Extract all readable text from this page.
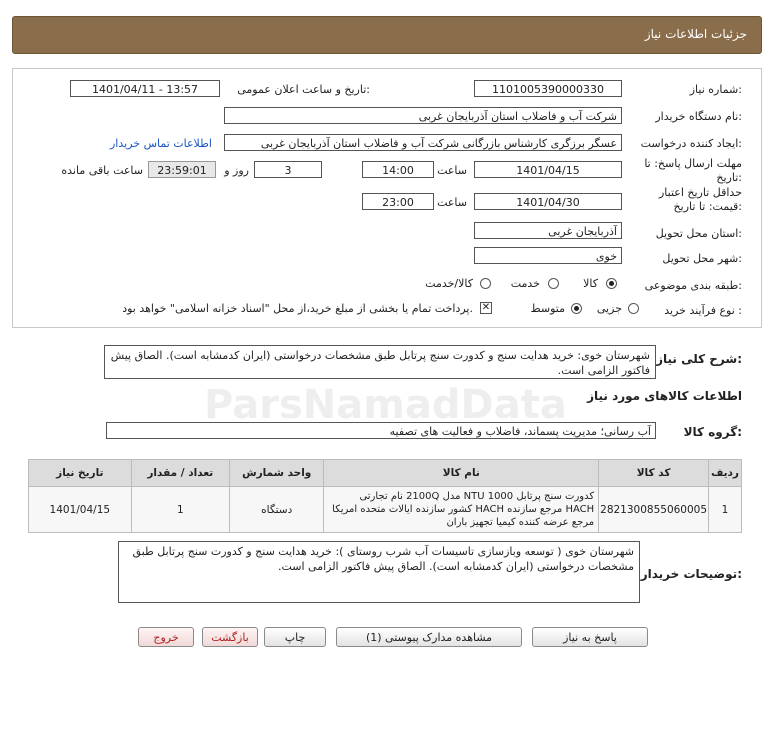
جزئیات اطلاعات نیاز
شماره نیاز:
1101005390000330
تاریخ و ساعت اعلان عمومی:
1401/04/11 - 13:57
نام دستگاه خریدار:
شرکت آب و فاضلاب استان آذربایجان غربی
ایجاد کننده درخواست:
عسگر برزگری کارشناس بازرگانی شرکت آب و فاضلاب استان آذربایجان غربی
اطلاعات تماس خریدار
مهلت ارسال پاسخ: تا
تاریخ:
1401/04/15
ساعت
14:00
3
روز و
23:59:01
ساعت باقی مانده
حداقل تاریخ اعتبار
قیمت: تا تاریخ:
1401/04/30
ساعت
23:00
استان محل تحویل:
آذربایجان غربی
شهر محل تحویل:
خوی
طبقه بندی موضوعی:
کالا
خدمت
کالا/خدمت
نوع فرآیند خرید :
جزیی
متوسط
✕
پرداخت تمام یا بخشی از مبلغ خرید،از محل "اسناد خزانه اسلامی" خواهد بود.
شرح کلی نیاز:
شهرستان خوی: خرید هدایت سنج و کدورت سنج پرتابل طبق مشخصات درخواستی (ایران کدمشابه است). الصاق پیش فاکتور الزامی است.
اطلاعات کالاهای مورد نیاز
گروه کالا:
آب رسانی؛ مدیریت پسماند، فاضلاب و فعالیت های تصفیه
ردیف	کد کالا	نام کالا	واحد شمارش	تعداد / مقدار	تاریخ نیاز
1	2821300855060005	کدورت سنج پرتابل NTU 1000 مدل 2100Q نام تجارتی HACH مرجع سازنده HACH کشور سازنده ایالات متحده امریکا مرجع عرضه کننده کیمیا تجهیز باران	دستگاه	1	1401/04/15
توضیحات خریدار:
شهرستان خوی ( توسعه وبازسازی تاسیسات آب شرب روستای ): خرید هدایت سنج و کدورت سنج پرتابل طبق مشخصات درخواستی (ایران کدمشابه است). الصاق پیش فاکتور الزامی است.
پاسخ به نیاز
مشاهده مدارک پیوستی (1)
چاپ
بازگشت
خروج
ParsNamadData
